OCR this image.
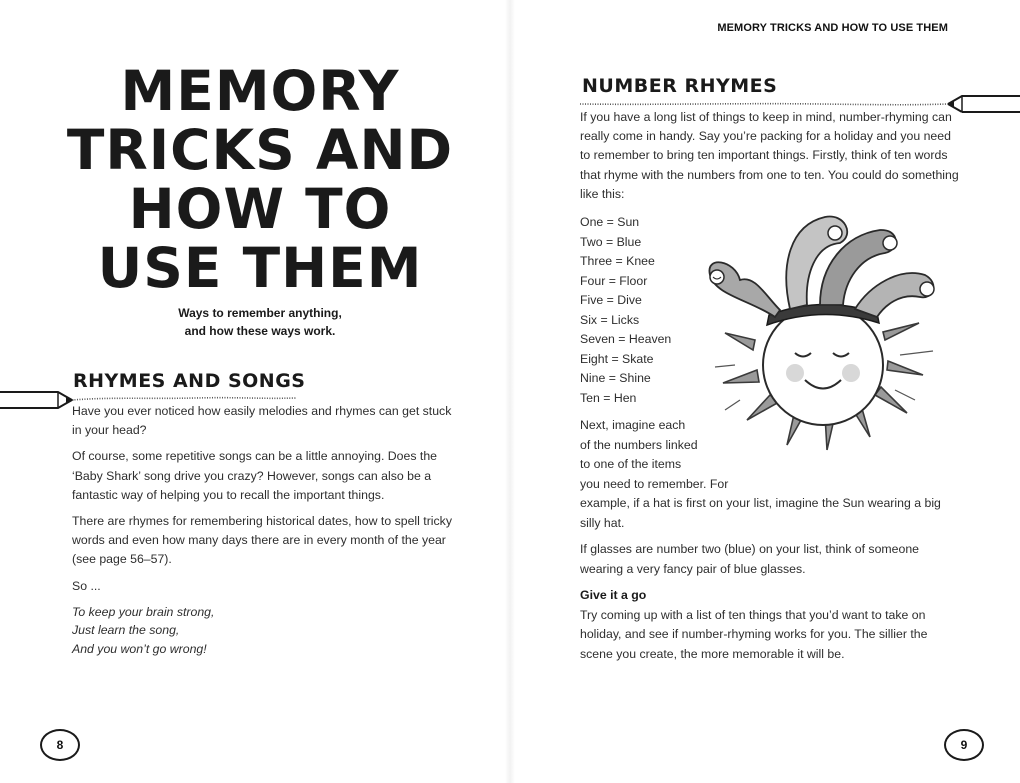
MEMORY
TRICKS AND
HOW TO
USE THEM
Ways to remember anything,
and how these ways work.
RHYMES AND SONGS

Have you ever noticed how easily melodies and rhymes can get stuck in your head?

Of course, some repetitive songs can be a little annoying. Does the ‘Baby Shark’ song drive you crazy? However, songs can also be a fantastic way of helping you to recall the important things.

There are rhymes for remembering historical dates, how to spell tricky words and even how many days there are in every month of the year (see page 56–57).

So ...

To keep your brain strong,
Just learn the song,
And you won’t go wrong!

8
MEMORY TRICKS AND HOW TO USE THEM
NUMBER RHYMES

If you have a long list of things to keep in mind, number-rhyming can really come in handy. Say you’re packing for a holiday and you need to remember to bring ten important things. Firstly, think of ten words that rhyme with the numbers from one to ten. You could do something like this:

One = Sun
Two = Blue
Three = Knee
Four = Floor
Five = Dive
Six = Licks
Seven = Heaven
Eight = Skate
Nine = Shine
Ten = Hen
Next, imagine each
of the numbers linked
to one of the items
you need to remember. For

example, if a hat is first on your list, imagine the Sun wearing a big silly hat.

If glasses are number two (blue) on your list, think of someone wearing a very fancy pair of blue glasses.

Give it a go

Try coming up with a list of ten things that you’d want to take on holiday, and see if number-rhyming works for you. The sillier the scene you create, the more memorable it will be.

9
